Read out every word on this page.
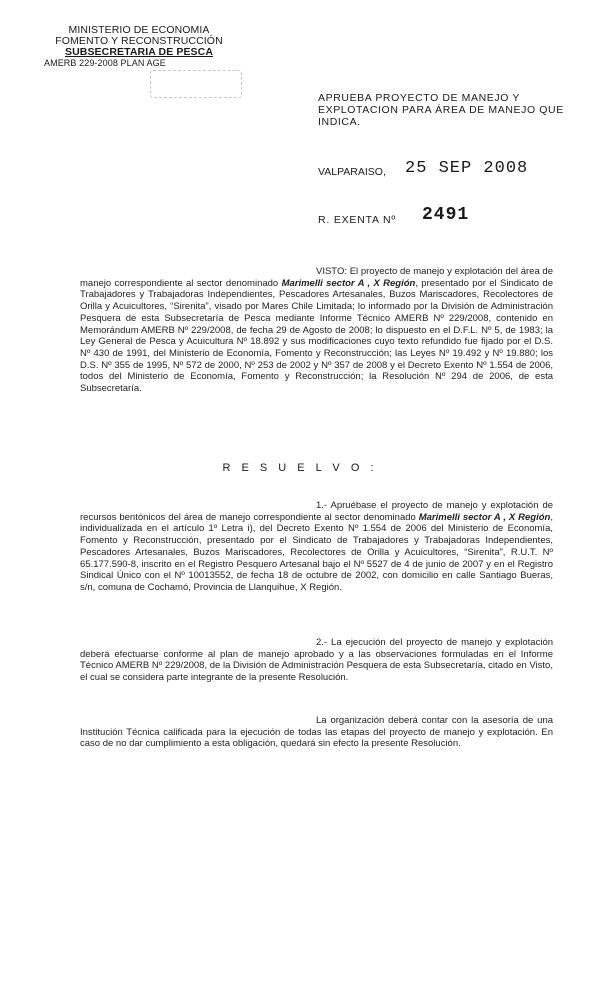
MINISTERIO DE ECONOMIA
FOMENTO Y RECONSTRUCCIÓN
SUBSECRETARIA DE PESCA
AMERB 229-2008 PLAN AGE
APRUEBA PROYECTO DE MANEJO Y EXPLOTACION PARA ÁREA DE MANEJO QUE INDICA.
VALPARAISO, 25 SEP 2008
R. EXENTA Nº 2491
VISTO: El proyecto de manejo y explotación del área de manejo correspondiente al sector denominado Marimelli sector A , X Región, presentado por el Sindicato de Trabajadores y Trabajadoras Independientes, Pescadores Artesanales, Buzos Mariscadores, Recolectores de Orilla y Acuicultores, “Sirenita”, visado por Mares Chile Limitada; lo informado por la División de Administración Pesquera de esta Subsecretaría de Pesca mediante Informe Técnico AMERB Nº 229/2008, contenido en Memorándum AMERB Nº 229/2008, de fecha 29 de Agosto de 2008; lo dispuesto en el D.F.L. Nº 5, de 1983; la Ley General de Pesca y Acuicultura Nº 18.892 y sus modificaciones cuyo texto refundido fue fijado por el D.S. Nº 430 de 1991, del Ministerio de Economía, Fomento y Reconstrucción; las Leyes Nº 19.492 y Nº 19.880; los D.S. Nº 355 de 1995, Nº 572 de 2000, Nº 253 de 2002 y Nº 357 de 2008 y el Decreto Exento Nº 1.554 de 2006, todos del Ministerio de Economía, Fomento y Reconstrucción; la Resolución Nº 294 de 2006, de esta Subsecretaría.
R E S U E L V O :
1.- Apruébase el proyecto de manejo y explotación de recursos bentónicos del área de manejo correspondiente al sector denominado Marimelli sector A , X Región, individualizada en el artículo 1º Letra i), del Decreto Exento Nº 1.554 de 2006 del Ministerio de Economía, Fomento y Reconstrucción, presentado por el Sindicato de Trabajadores y Trabajadoras Independientes, Pescadores Artesanales, Buzos Mariscadores, Recolectores de Orilla y Acuicultores, “Sirenita”, R.U.T. Nº 65.177.590-8, inscrito en el Registro Pesquero Artesanal bajo el Nº 5527 de 4 de junio de 2007 y en el Registro Sindical Único con el Nº 10013552, de fecha 18 de octubre de 2002, con domicilio en calle Santiago Bueras, s/n, comuna de Cochamó, Provincia de Llanquihue, X Región.
2.- La ejecución del proyecto de manejo y explotación deberá efectuarse conforme al plan de manejo aprobado y a las observaciones formuladas en el Informe Técnico AMERB Nº 229/2008, de la División de Administración Pesquera de esta Subsecretaría, citado en Visto, el cual se considera parte integrante de la presente Resolución.
La organización deberá contar con la asesoría de una Institución Técnica calificada para la ejecución de todas las etapas del proyecto de manejo y explotación. En caso de no dar cumplimiento a esta obligación, quedará sin efecto la presente Resolución.
